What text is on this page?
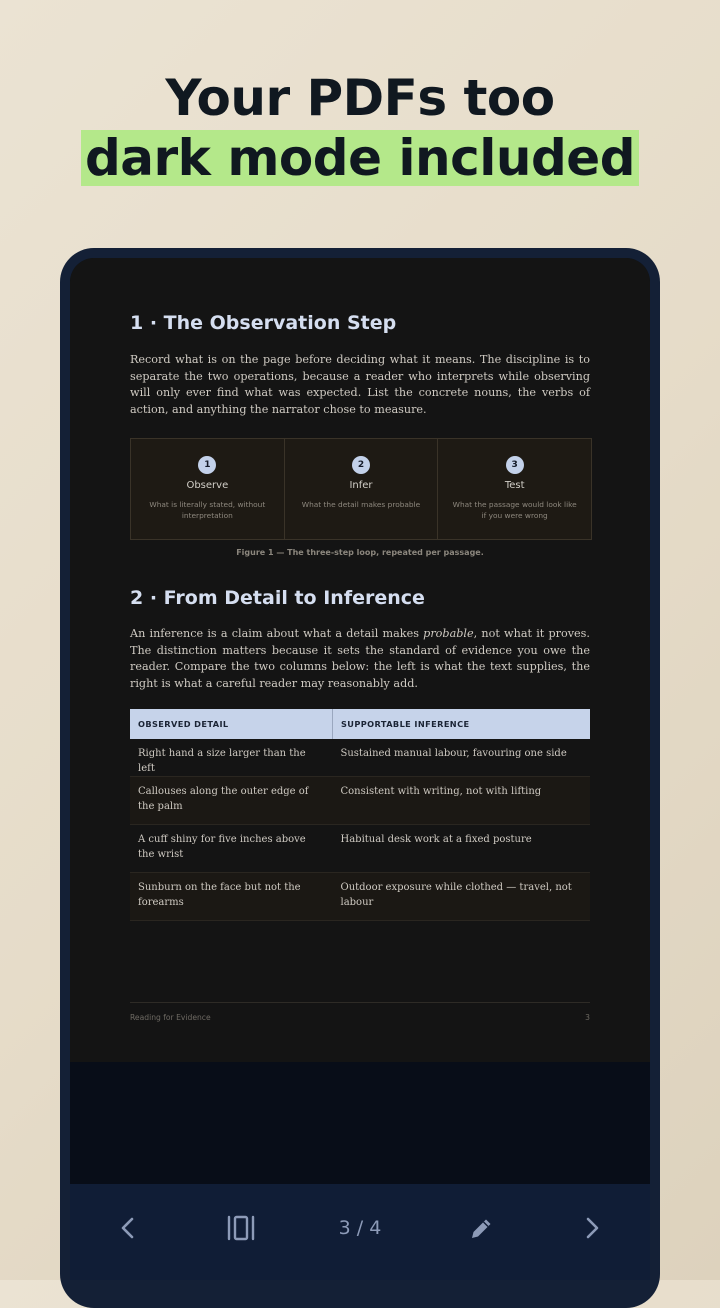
Your PDFs too
dark mode included
1 · The Observation Step

Record what is on the page before deciding what it means. The discipline is to separate the two operations, because a reader who interprets while observing will only ever find what was expected. List the concrete nouns, the verbs of action, and anything the narrator chose to measure.

1
Observe
What is literally stated, without interpretation
2
Infer
What the detail makes probable
3
Test
What the passage would look like if you were wrong
Figure 1 — The three-step loop, repeated per passage.
2 · From Detail to Inference

An inference is a claim about what a detail makes probable, not what it proves. The distinction matters because it sets the standard of evidence you owe the reader. Compare the two columns below: the left is what the text supplies, the right is what a careful reader may reasonably add.

OBSERVED DETAIL	SUPPORTABLE INFERENCE
Right hand a size larger than the left	Sustained manual labour, favouring one side
Callouses along the outer edge of the palm	Consistent with writing, not with lifting
A cuff shiny for five inches above the wrist	Habitual desk work at a fixed posture
Sunburn on the face but not the forearms	Outdoor exposure while clothed — travel, not labour
Reading for Evidence	3
3 / 4
